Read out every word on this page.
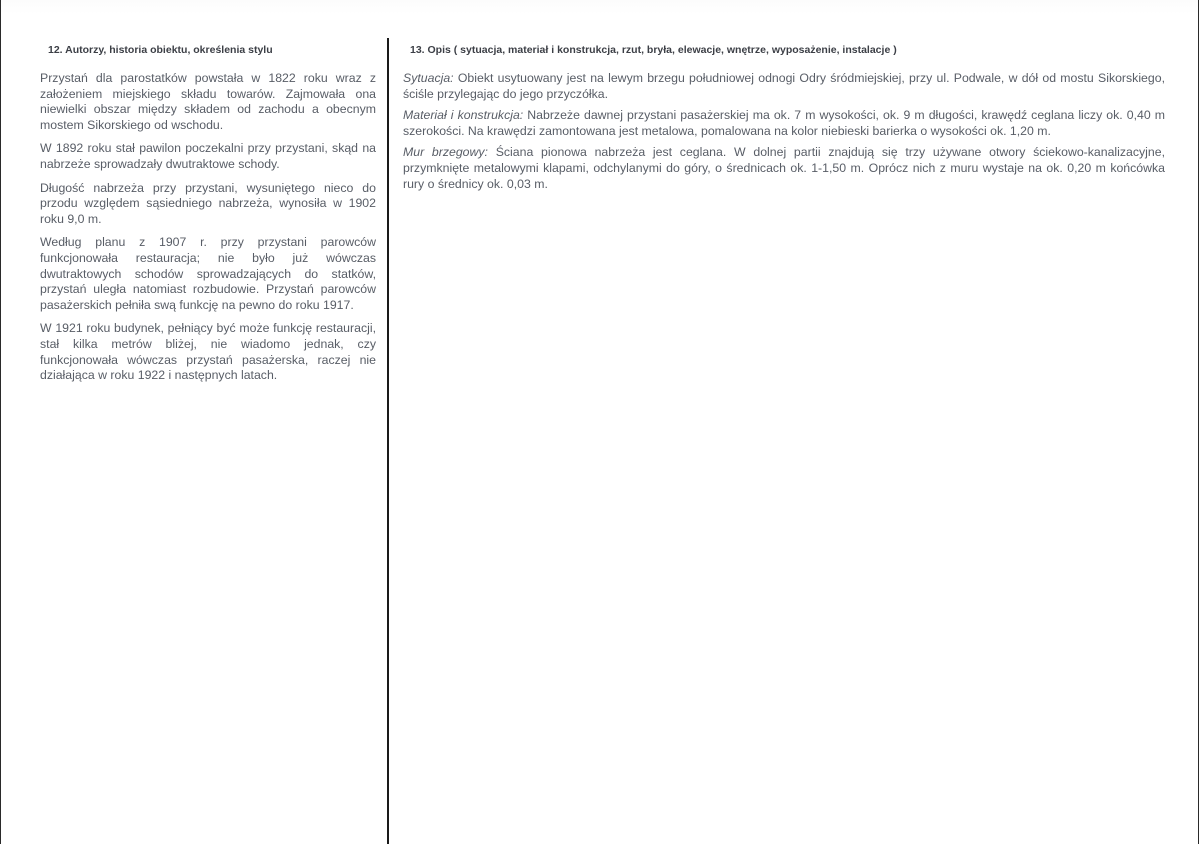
12. Autorzy, historia obiektu, określenia stylu

Przystań dla parostatków powstała w 1822 roku wraz z założeniem miejskiego składu towarów. Zajmowała ona niewielki obszar między składem od zachodu a obecnym mostem Sikorskiego od wschodu.

W 1892 roku stał pawilon poczekalni przy przystani, skąd na nabrzeże sprowadzały dwutraktowe schody.

Długość nabrzeża przy przystani, wysuniętego nieco do przodu względem sąsiedniego nabrzeża, wynosiła w 1902 roku 9,0 m.

Według planu z 1907 r. przy przystani parowców funkcjonowała restauracja; nie było już wówczas dwutraktowych schodów sprowadzających do statków, przystań uległa natomiast rozbudowie. Przystań parowców pasażerskich pełniła swą funkcję na pewno do roku 1917.

W 1921 roku budynek, pełniący być może funkcję restauracji, stał kilka metrów bliżej, nie wiadomo jednak, czy funkcjonowała wówczas przystań pasażerska, raczej nie działająca w roku 1922 i następnych latach.

13. Opis ( sytuacja, materiał i konstrukcja, rzut, bryła, elewacje, wnętrze, wyposażenie, instalacje )

Sytuacja: Obiekt usytuowany jest na lewym brzegu południowej odnogi Odry śródmiejskiej, przy ul. Podwale, w dół od mostu Sikorskiego, ściśle przylegając do jego przyczółka.

Materiał i konstrukcja: Nabrzeże dawnej przystani pasażerskiej ma ok. 7 m wysokości, ok. 9 m długości, krawędź ceglana liczy ok. 0,40 m szerokości. Na krawędzi zamontowana jest metalowa, pomalowana na kolor niebieski barierka o wysokości ok. 1,20 m.

Mur brzegowy: Ściana pionowa nabrzeża jest ceglana. W dolnej partii znajdują się trzy używane otwory ściekowo-kanalizacyjne, przymknięte metalowymi klapami, odchylanymi do góry, o średnicach ok. 1-1,50 m. Oprócz nich z muru wystaje na ok. 0,20 m końcówka rury o średnicy ok. 0,03 m.
